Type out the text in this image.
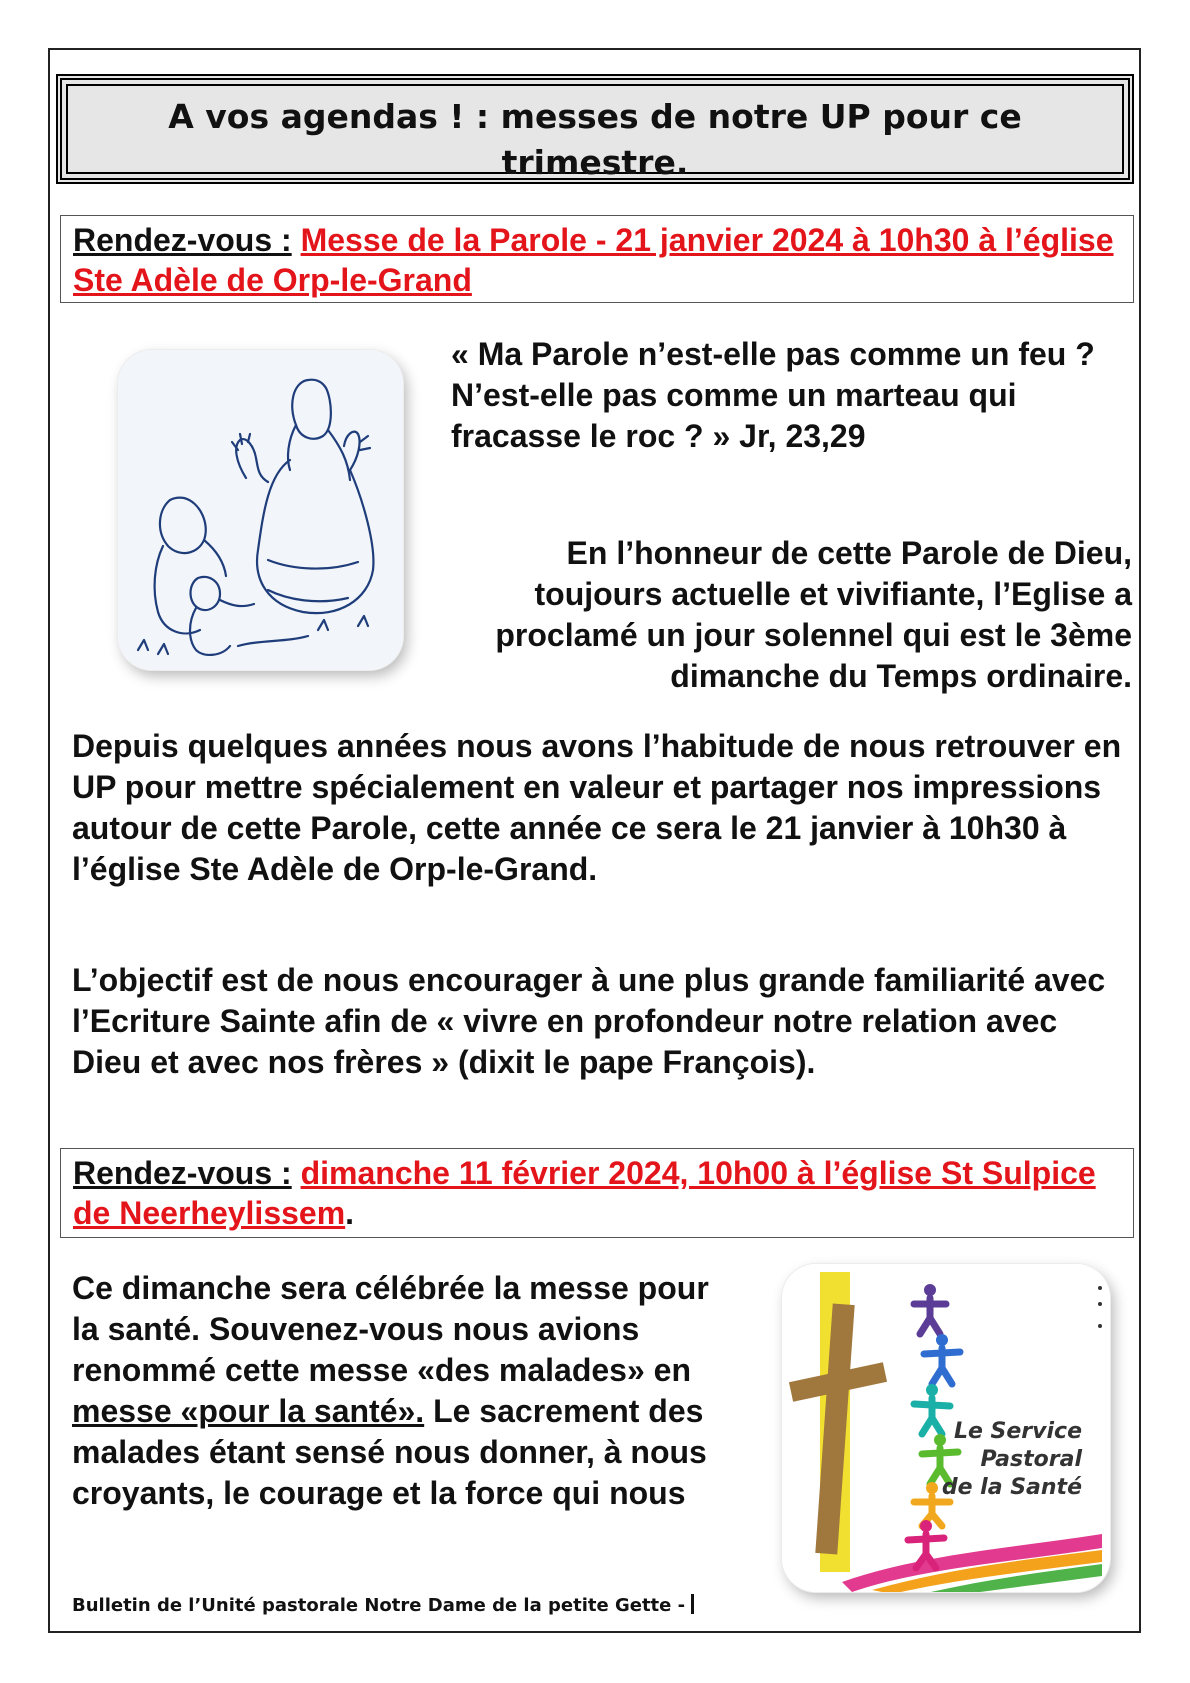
A vos agendas ! : messes de notre UP pour ce trimestre.
Rendez-vous : Messe de la Parole - 21 janvier 2024 à 10h30 à l’église Ste Adèle de Orp-le-Grand
« Ma Parole n’est-elle pas comme un feu ? N’est-elle pas comme un marteau qui fracasse le roc ? » Jr, 23,29
En l’honneur de cette Parole de Dieu, toujours actuelle et vivifiante, l’Eglise a proclamé un jour solennel qui est le 3ème dimanche du Temps ordinaire.
Depuis quelques années nous avons l’habitude de nous retrouver en UP pour mettre spécialement en valeur et partager nos impressions autour de cette Parole, cette année ce sera le 21 janvier à 10h30 à l’église Ste Adèle de Orp-le-Grand.
L’objectif est de nous encourager à une plus grande familiarité avec l’Ecriture Sainte afin de « vivre en profondeur notre relation avec Dieu et avec nos frères » (dixit le pape François).
Rendez-vous : dimanche 11 février 2024, 10h00 à l’église St Sulpice de Neerheylissem.
Ce dimanche sera célébrée la messe pour la santé. Souvenez-vous nous avions renommé cette messe «des malades» en messe «pour la santé». Le sacrement des malades étant sensé nous donner, à nous croyants, le courage et la force qui nous
Le Service
Pastoral
de la Santé
Bulletin de l’Unité pastorale Notre Dame de la petite Gette -
